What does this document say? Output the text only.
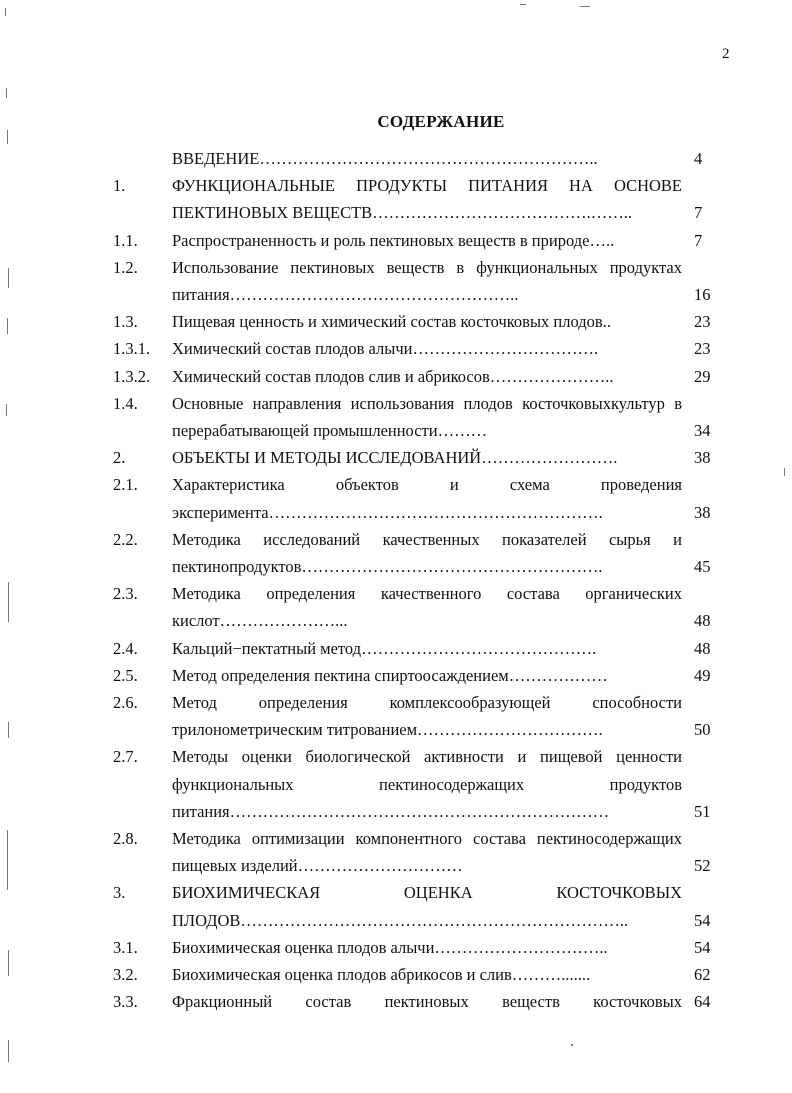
2
СОДЕРЖАНИЕ
ВВЕДЕНИЕ……………………………………………………..	4
1.	ФУНКЦИОНАЛЬНЫЕ ПРОДУКТЫ ПИТАНИЯ НА ОСНОВЕ ПЕКТИНОВЫХ ВЕЩЕСТВ………………………………….……..	7
1.1. Распространенность и роль пектиновых веществ в природе…..	7
1.2. Использование пектиновых веществ в функциональных продуктах питания……………………………………………..	16
1.3. Пищевая ценность и химический состав косточковых плодов..	23
1.3.1. Химический состав плодов алычи…………………………….	23
1.3.2. Химический состав плодов слив и абрикосов…………………..	29
1.4. Основные направления использования плодов косточковыхкультур в перерабатывающей промышленности………	34
2.	ОБЪЕКТЫ И МЕТОДЫ ИССЛЕДОВАНИЙ…………………….	38
2.1. Характеристика объектов и схема проведения эксперимента…………………………………………………….	38
2.2. Методика исследований качественных показателей сырья и пектинопродуктов……………………………………………….	45
2.3. Методика определения качественного состава органических кислот…………………...	48
2.4. Кальций−пектатный метод…………………………………….	48
2.5. Метод определения пектина спиртоосаждением………………	49
2.6. Метод определения комплексообразующей способности трилонометрическим титрованием…………………………….	50
2.7. Методы оценки биологической активности и пищевой ценности функциональных пектиносодержащих продуктов питания……………………………………………………………	51
2.8. Методика оптимизации компонентного состава пектиносодержащих пищевых изделий…………………………	52
3.	БИОХИМИЧЕСКАЯ ОЦЕНКА КОСТОЧКОВЫХ ПЛОДОВ……………………………………………………………..	54
3.1. Биохимическая оценка плодов алычи…………………………..	54
3.2. Биохимическая оценка плодов абрикосов и слив……….......	62
3.3. Фракционный состав пектиновых веществ косточковых 64
